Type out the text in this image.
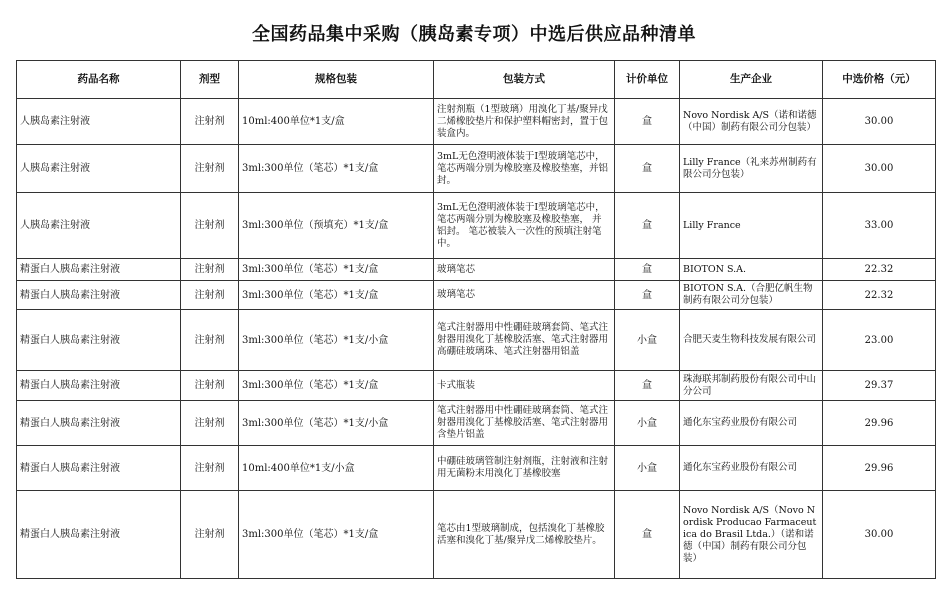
全国药品集中采购（胰岛素专项）中选后供应品种清单
药品名称	剂型	规格包装	包装方式	计价单位	生产企业	中选价格（元）
人胰岛素注射液	注射剂	10ml:400单位*1支/盒	注射剂瓶（1型玻璃）用溴化丁基/聚异戊二烯橡胶垫片和保护塑料帽密封，置于包装盒内。	盒	Novo Nordisk A/S（诺和诺德（中国）制药有限公司分包装）	30.00
人胰岛素注射液	注射剂	3ml:300单位（笔芯）*1支/盒	3mL无色澄明液体装于Ⅰ型玻璃笔芯中，笔芯两端分别为橡胶塞及橡胶垫塞，并铝封。	盒	Lilly France（礼来苏州制药有限公司分包装）	30.00
人胰岛素注射液	注射剂	3ml:300单位（预填充）*1支/盒	3mL无色澄明液体装于Ⅰ型玻璃笔芯中，笔芯两端分别为橡胶塞及橡胶垫塞， 并铝封。 笔芯被装入一次性的预填注射笔中。	盒	Lilly France	33.00
精蛋白人胰岛素注射液	注射剂	3ml:300单位（笔芯）*1支/盒	玻璃笔芯	盒	BIOTON S.A.	22.32
精蛋白人胰岛素注射液	注射剂	3ml:300单位（笔芯）*1支/盒	玻璃笔芯	盒	BIOTON S.A.（合肥亿帆生物制药有限公司分包装）	22.32
精蛋白人胰岛素注射液	注射剂	3ml:300单位（笔芯）*1支/小盒	笔式注射器用中性硼硅玻璃套筒、笔式注射器用溴化丁基橡胶活塞、笔式注射器用高硼硅玻璃珠、笔式注射器用铝盖	小盒	合肥天麦生物科技发展有限公司	23.00
精蛋白人胰岛素注射液	注射剂	3ml:300单位（笔芯）*1支/盒	卡式瓶装	盒	珠海联邦制药股份有限公司中山分公司	29.37
精蛋白人胰岛素注射液	注射剂	3ml:300单位（笔芯）*1支/小盒	笔式注射器用中性硼硅玻璃套筒、笔式注射器用溴化丁基橡胶活塞、笔式注射器用含垫片铝盖	小盒	通化东宝药业股份有限公司	29.96
精蛋白人胰岛素注射液	注射剂	10ml:400单位*1支/小盒	中硼硅玻璃管制注射剂瓶，注射液和注射用无菌粉末用溴化丁基橡胶塞	小盒	通化东宝药业股份有限公司	29.96
精蛋白人胰岛素注射液	注射剂	3ml:300单位（笔芯）*1支/盒	笔芯由1型玻璃制成，包括溴化丁基橡胶活塞和溴化丁基/聚异戊二烯橡胶垫片。	盒	Novo Nordisk A/S（Novo Nordisk Producao Farmaceutica do Brasil Ltda.）（诺和诺德（中国）制药有限公司分包装）	30.00
